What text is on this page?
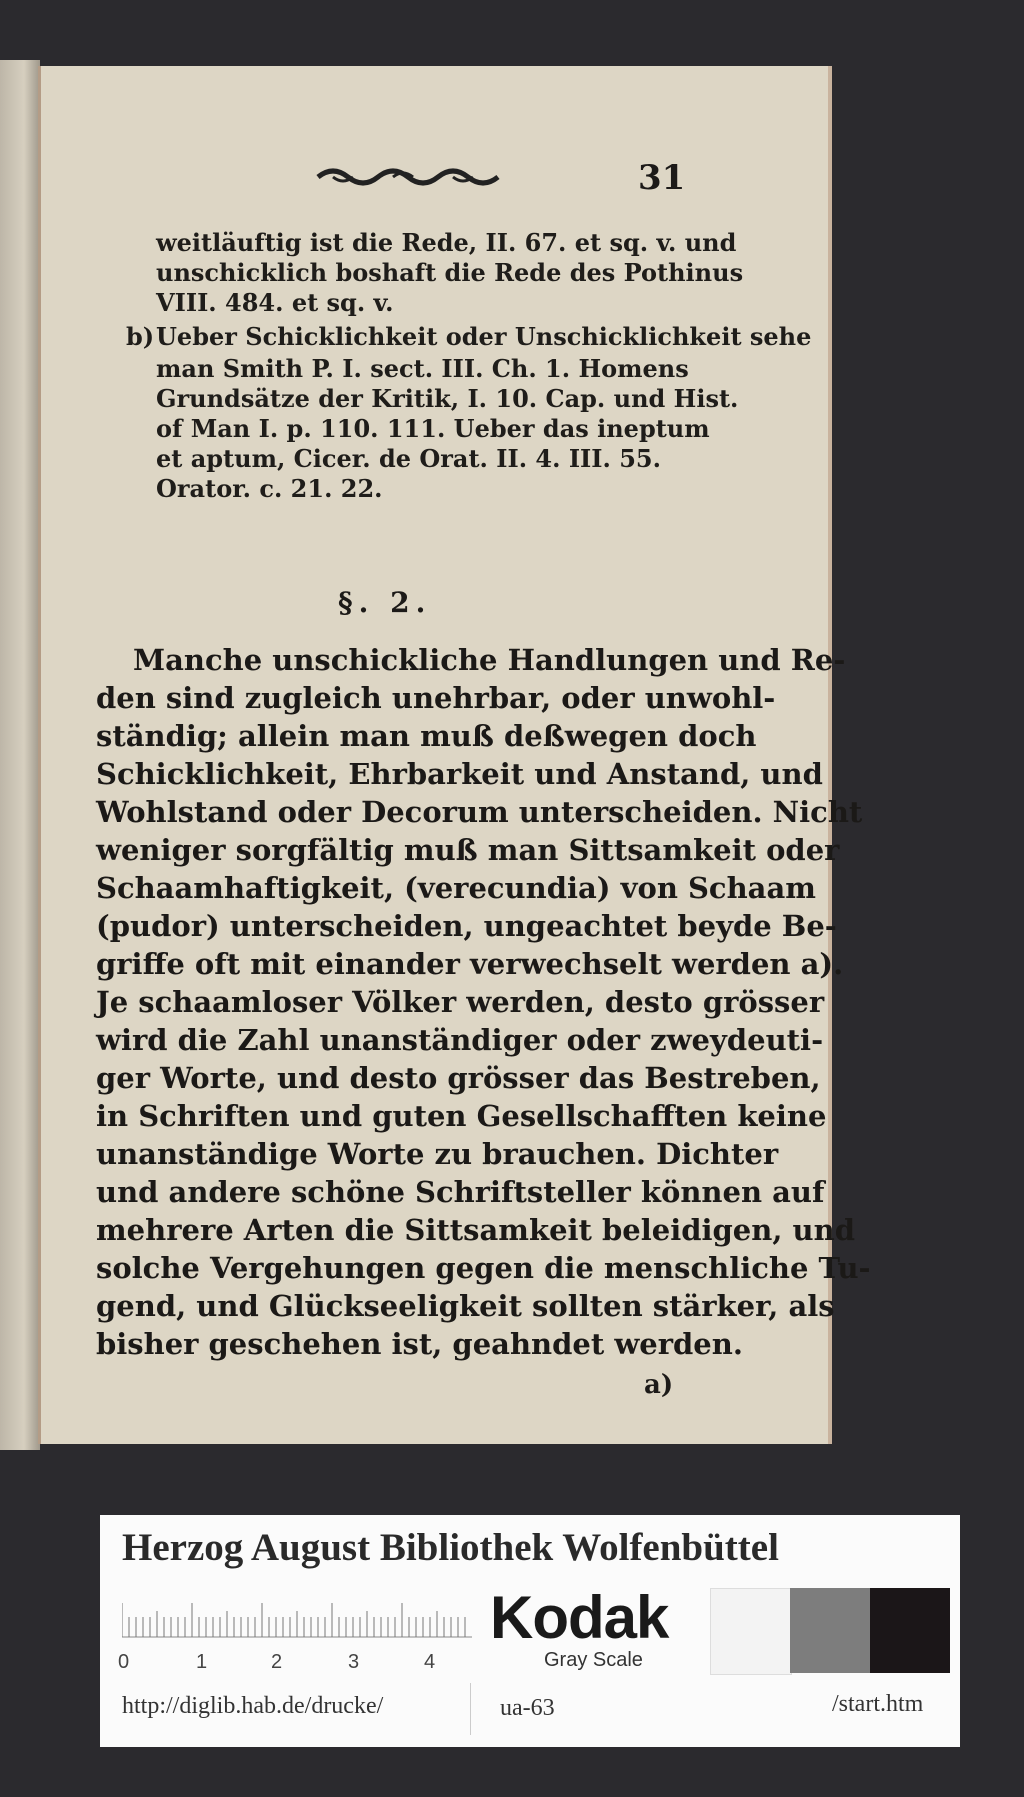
31
weitläuftig ist die Rede, II. 67. et sq. v. und
unschicklich boshaft die Rede des Pothinus
VIII. 484. et sq. v.
b) Ueber Schicklichkeit oder Unschicklichkeit sehe
man Smith P. I. sect. III. Ch. 1. Homens
Grundsätze der Kritik, I. 10. Cap. und Hist.
of Man I. p. 110. 111. Ueber das ineptum
et aptum, Cicer. de Orat. II. 4. III. 55.
Orator. c. 21. 22.
§. 2.
Manche unschickliche Handlungen und Re-
den sind zugleich unehrbar, oder unwohl-
ständig; allein man muß deßwegen doch
Schicklichkeit, Ehrbarkeit und Anstand, und
Wohlstand oder Decorum unterscheiden. Nicht
weniger sorgfältig muß man Sittsamkeit oder
Schaamhaftigkeit, (verecundia) von Schaam
(pudor) unterscheiden, ungeachtet beyde Be-
griffe oft mit einander verwechselt werden a).
Je schaamloser Völker werden, desto grösser
wird die Zahl unanständiger oder zweydeuti-
ger Worte, und desto grösser das Bestreben,
in Schriften und guten Gesellschafften keine
unanständige Worte zu brauchen. Dichter
und andere schöne Schriftsteller können auf
mehrere Arten die Sittsamkeit beleidigen, und
solche Vergehungen gegen die menschliche Tu-
gend, und Glückseeligkeit sollten stärker, als
bisher geschehen ist, geahndet werden.
a)
Herzog August Bibliothek Wolfenbüttel
0	1	2	3	4
Kodak
Gray Scale
http://diglib.hab.de/drucke/	ua-63	/start.htm
